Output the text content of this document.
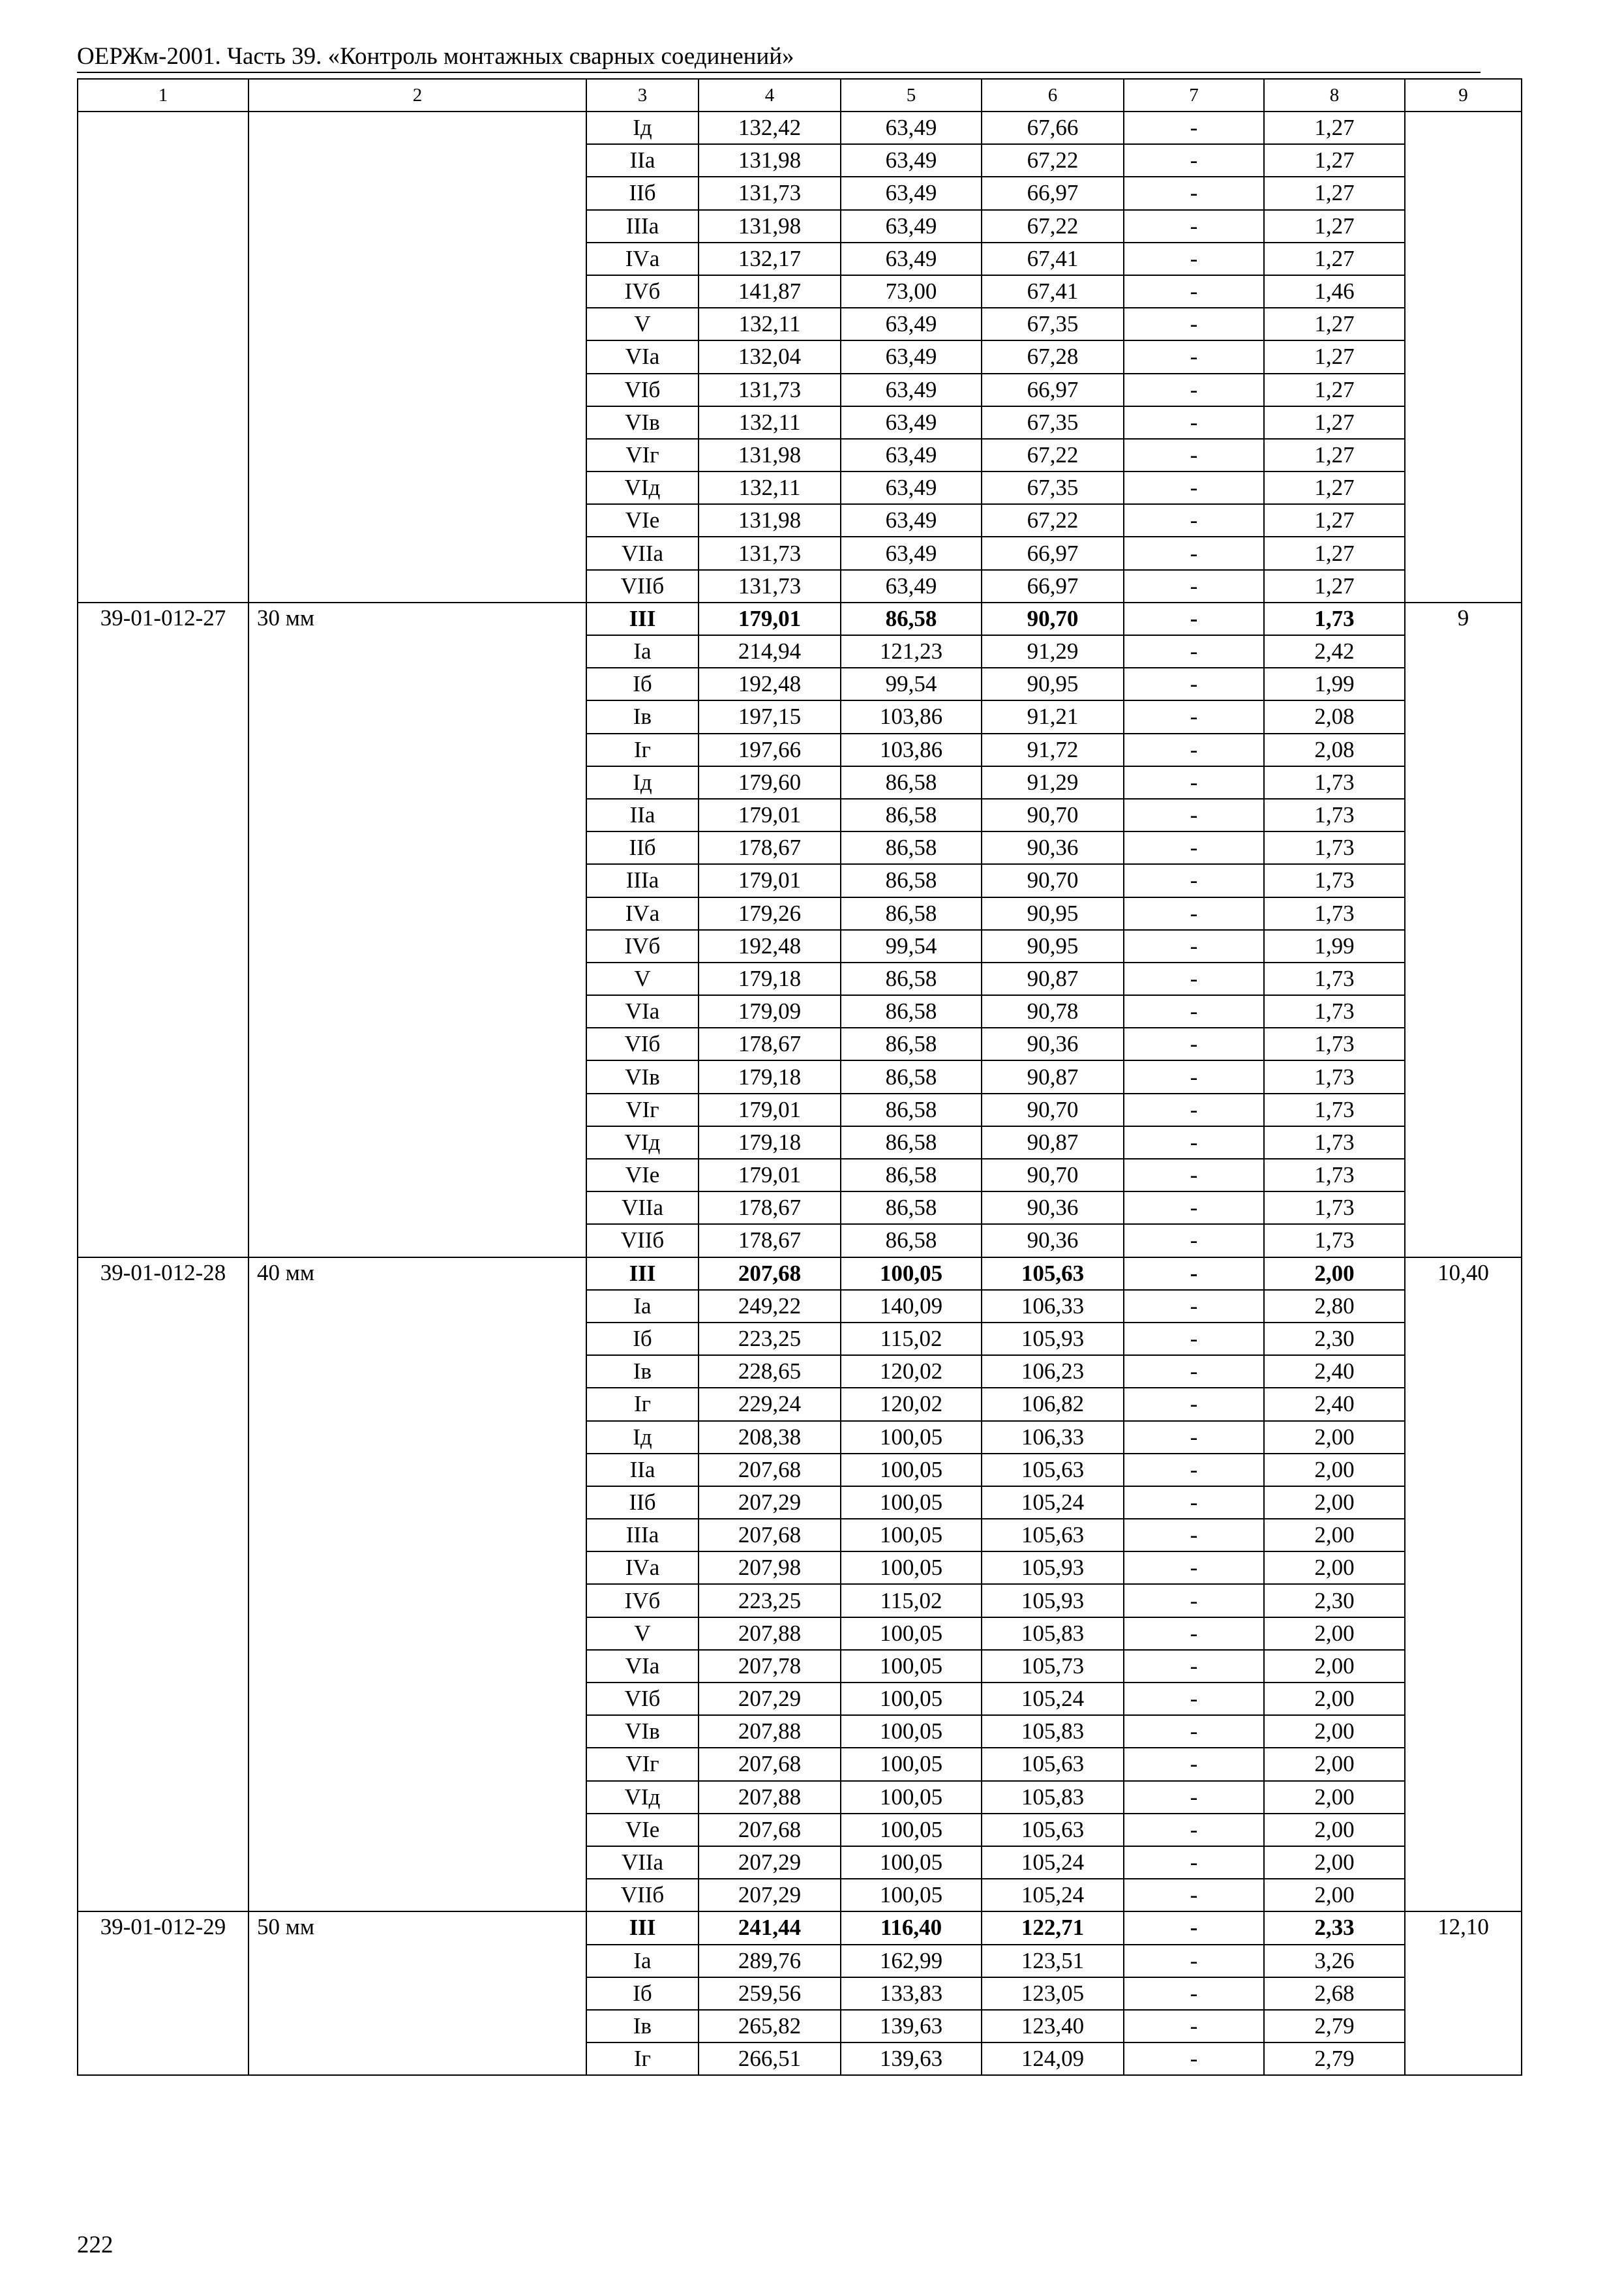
ОЕРЖм-2001. Часть 39. «Контроль монтажных сварных соединений»
1	2	3	4	5	6	7	8	9
		Iд	132,42	63,49	67,66	-	1,27	
		IIа	131,98	63,49	67,22	-	1,27	
		IIб	131,73	63,49	66,97	-	1,27	
		IIIа	131,98	63,49	67,22	-	1,27	
		IVа	132,17	63,49	67,41	-	1,27	
		IVб	141,87	73,00	67,41	-	1,46	
		V	132,11	63,49	67,35	-	1,27	
		VIа	132,04	63,49	67,28	-	1,27	
		VIб	131,73	63,49	66,97	-	1,27	
		VIв	132,11	63,49	67,35	-	1,27	
		VIг	131,98	63,49	67,22	-	1,27	
		VIд	132,11	63,49	67,35	-	1,27	
		VIе	131,98	63,49	67,22	-	1,27	
		VIIа	131,73	63,49	66,97	-	1,27	
		VIIб	131,73	63,49	66,97	-	1,27	
39-01-012-27	30 мм	III	179,01	86,58	90,70	-	1,73	9
		Iа	214,94	121,23	91,29	-	2,42	
		Iб	192,48	99,54	90,95	-	1,99	
		Iв	197,15	103,86	91,21	-	2,08	
		Iг	197,66	103,86	91,72	-	2,08	
		Iд	179,60	86,58	91,29	-	1,73	
		IIа	179,01	86,58	90,70	-	1,73	
		IIб	178,67	86,58	90,36	-	1,73	
		IIIа	179,01	86,58	90,70	-	1,73	
		IVа	179,26	86,58	90,95	-	1,73	
		IVб	192,48	99,54	90,95	-	1,99	
		V	179,18	86,58	90,87	-	1,73	
		VIа	179,09	86,58	90,78	-	1,73	
		VIб	178,67	86,58	90,36	-	1,73	
		VIв	179,18	86,58	90,87	-	1,73	
		VIг	179,01	86,58	90,70	-	1,73	
		VIд	179,18	86,58	90,87	-	1,73	
		VIе	179,01	86,58	90,70	-	1,73	
		VIIа	178,67	86,58	90,36	-	1,73	
		VIIб	178,67	86,58	90,36	-	1,73	
39-01-012-28	40 мм	III	207,68	100,05	105,63	-	2,00	10,40
		Iа	249,22	140,09	106,33	-	2,80	
		Iб	223,25	115,02	105,93	-	2,30	
		Iв	228,65	120,02	106,23	-	2,40	
		Iг	229,24	120,02	106,82	-	2,40	
		Iд	208,38	100,05	106,33	-	2,00	
		IIа	207,68	100,05	105,63	-	2,00	
		IIб	207,29	100,05	105,24	-	2,00	
		IIIа	207,68	100,05	105,63	-	2,00	
		IVа	207,98	100,05	105,93	-	2,00	
		IVб	223,25	115,02	105,93	-	2,30	
		V	207,88	100,05	105,83	-	2,00	
		VIа	207,78	100,05	105,73	-	2,00	
		VIб	207,29	100,05	105,24	-	2,00	
		VIв	207,88	100,05	105,83	-	2,00	
		VIг	207,68	100,05	105,63	-	2,00	
		VIд	207,88	100,05	105,83	-	2,00	
		VIе	207,68	100,05	105,63	-	2,00	
		VIIа	207,29	100,05	105,24	-	2,00	
		VIIб	207,29	100,05	105,24	-	2,00	
39-01-012-29	50 мм	III	241,44	116,40	122,71	-	2,33	12,10
		Iа	289,76	162,99	123,51	-	3,26	
		Iб	259,56	133,83	123,05	-	2,68	
		Iв	265,82	139,63	123,40	-	2,79	
		Iг	266,51	139,63	124,09	-	2,79	
222
